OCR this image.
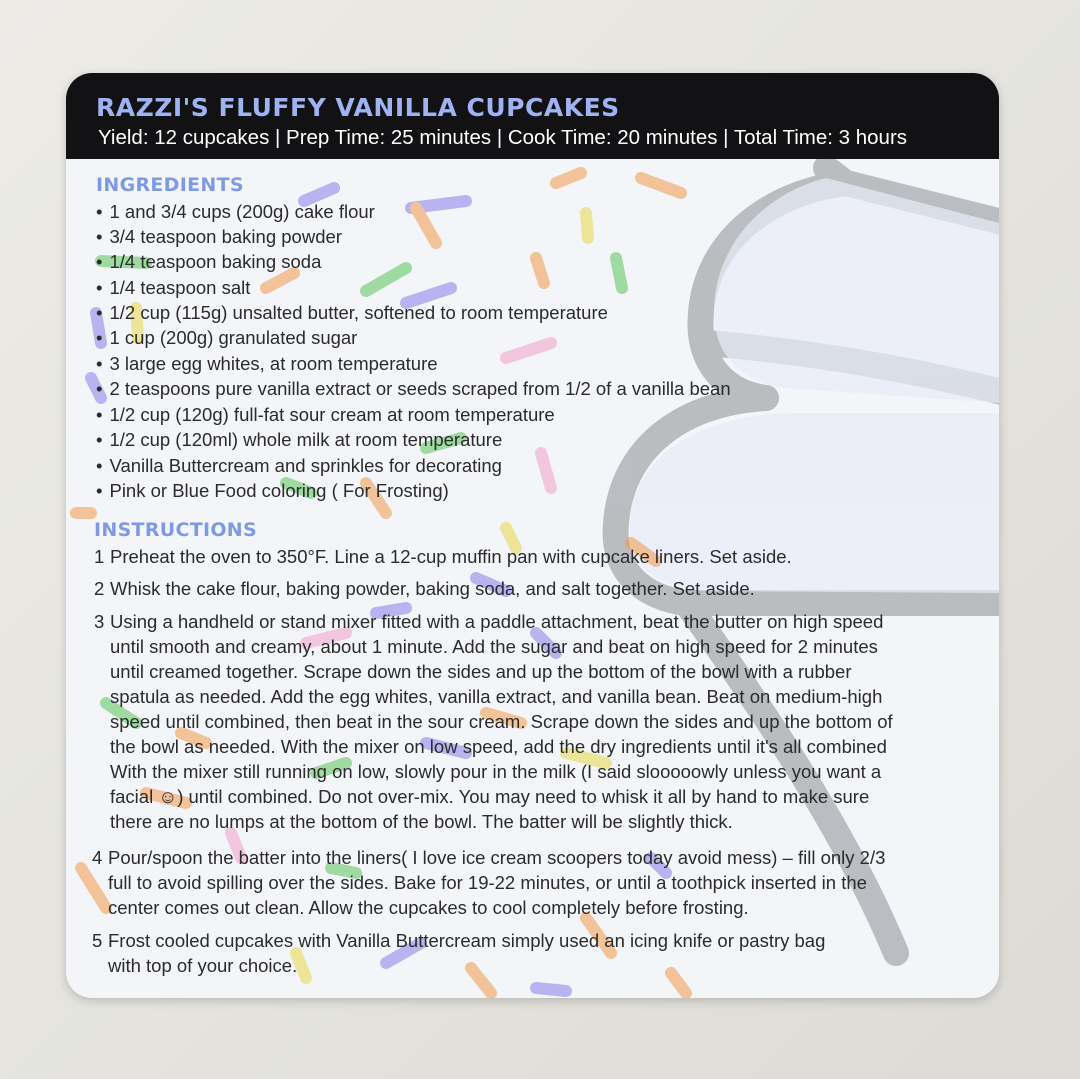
RAZZI'S FLUFFY VANILLA CUPCAKES
Yield: 12 cupcakes | Prep Time: 25 minutes | Cook Time: 20 minutes | Total Time: 3 hours
INGREDIENTS
• 1 and 3/4 cups (200g) cake flour
• 3/4 teaspoon baking powder
• 1/4 teaspoon baking soda
• 1/4 teaspoon salt
• 1/2 cup (115g) unsalted butter, softened to room temperature
• 1 cup (200g) granulated sugar
• 3 large egg whites, at room temperature
• 2 teaspoons pure vanilla extract or seeds scraped from 1/2 of a vanilla bean
• 1/2 cup (120g) full-fat sour cream at room temperature
• 1/2 cup (120ml) whole milk at room temperature
• Vanilla Buttercream and sprinkles for decorating
• Pink or Blue Food coloring ( For Frosting)
INSTRUCTIONS
1 Preheat the oven to 350°F. Line a 12-cup muffin pan with cupcake liners. Set aside.
2 Whisk the cake flour, baking powder, baking soda, and salt together. Set aside.
3 Using a handheld or stand mixer fitted with a paddle attachment, beat the butter on high speed
until smooth and creamy, about 1 minute. Add the sugar and beat on high speed for 2 minutes
until creamed together. Scrape down the sides and up the bottom of the bowl with a rubber
spatula as needed. Add the egg whites, vanilla extract, and vanilla bean. Beat on medium-high
speed until combined, then beat in the sour cream. Scrape down the sides and up the bottom of
the bowl as needed. With the mixer on low speed, add the dry ingredients until it's all combined
With the mixer still running on low, slowly pour in the milk (I said slooooowly unless you want a
facial ☺) until combined. Do not over-mix. You may need to whisk it all by hand to make sure
there are no lumps at the bottom of the bowl. The batter will be slightly thick.
4 Pour/spoon the batter into the liners( I love ice cream scoopers today avoid mess) – fill only 2/3
full to avoid spilling over the sides. Bake for 19-22 minutes, or until a toothpick inserted in the
center comes out clean. Allow the cupcakes to cool completely before frosting.
5 Frost cooled cupcakes with Vanilla Buttercream simply used an icing knife or pastry bag
with top of your choice.
